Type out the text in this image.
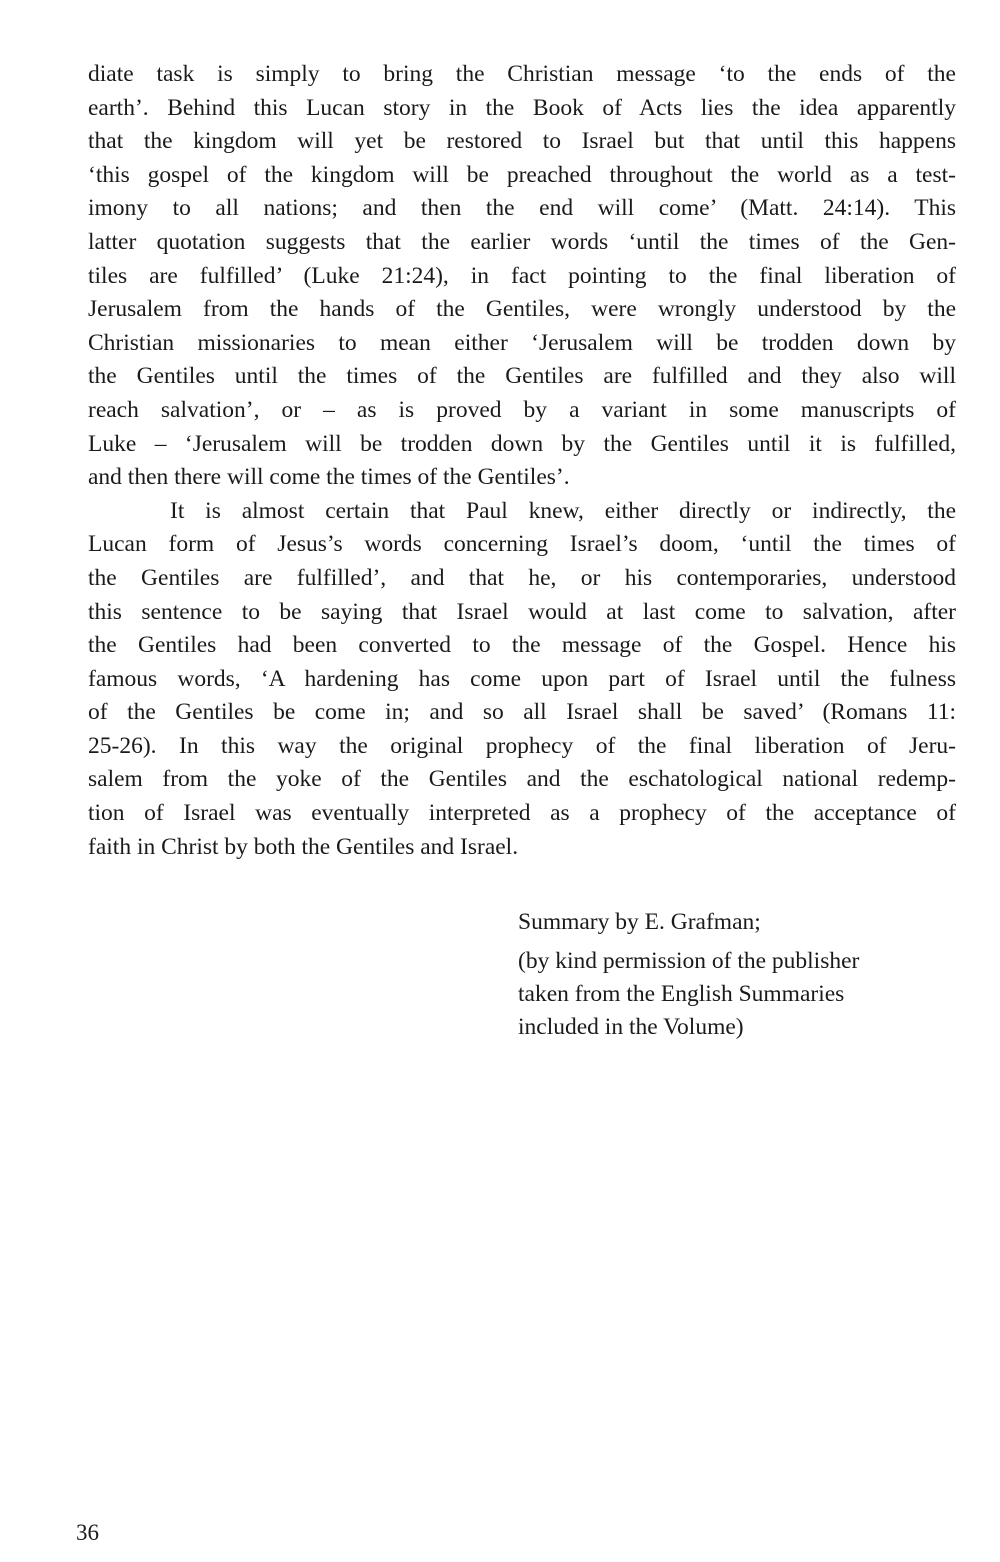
diate task is simply to bring the Christian message ‘to the ends of the
earth’. Behind this Lucan story in the Book of Acts lies the idea apparently
that the kingdom will yet be restored to Israel but that until this happens
‘this gospel of the kingdom will be preached throughout the world as a test-
imony to all nations; and then the end will come’ (Matt. 24:14). This
latter quotation suggests that the earlier words ‘until the times of the Gen-
tiles are fulfilled’ (Luke 21:24), in fact pointing to the final liberation of
Jerusalem from the hands of the Gentiles, were wrongly understood by the
Christian missionaries to mean either ‘Jerusalem will be trodden down by
the Gentiles until the times of the Gentiles are fulfilled and they also will
reach salvation’, or – as is proved by a variant in some manuscripts of
Luke – ‘Jerusalem will be trodden down by the Gentiles until it is fulfilled,
and then there will come the times of the Gentiles’.
It is almost certain that Paul knew, either directly or indirectly, the
Lucan form of Jesus’s words concerning Israel’s doom, ‘until the times of
the Gentiles are fulfilled’, and that he, or his contemporaries, understood
this sentence to be saying that Israel would at last come to salvation, after
the Gentiles had been converted to the message of the Gospel. Hence his
famous words, ‘A hardening has come upon part of Israel until the fulness
of the Gentiles be come in; and so all Israel shall be saved’ (Romans 11:
25-26). In this way the original prophecy of the final liberation of Jeru-
salem from the yoke of the Gentiles and the eschatological national redemp-
tion of Israel was eventually interpreted as a prophecy of the acceptance of
faith in Christ by both the Gentiles and Israel.
Summary by E. Grafman;
(by kind permission of the publisher
taken from the English Summaries
included in the Volume)
36
